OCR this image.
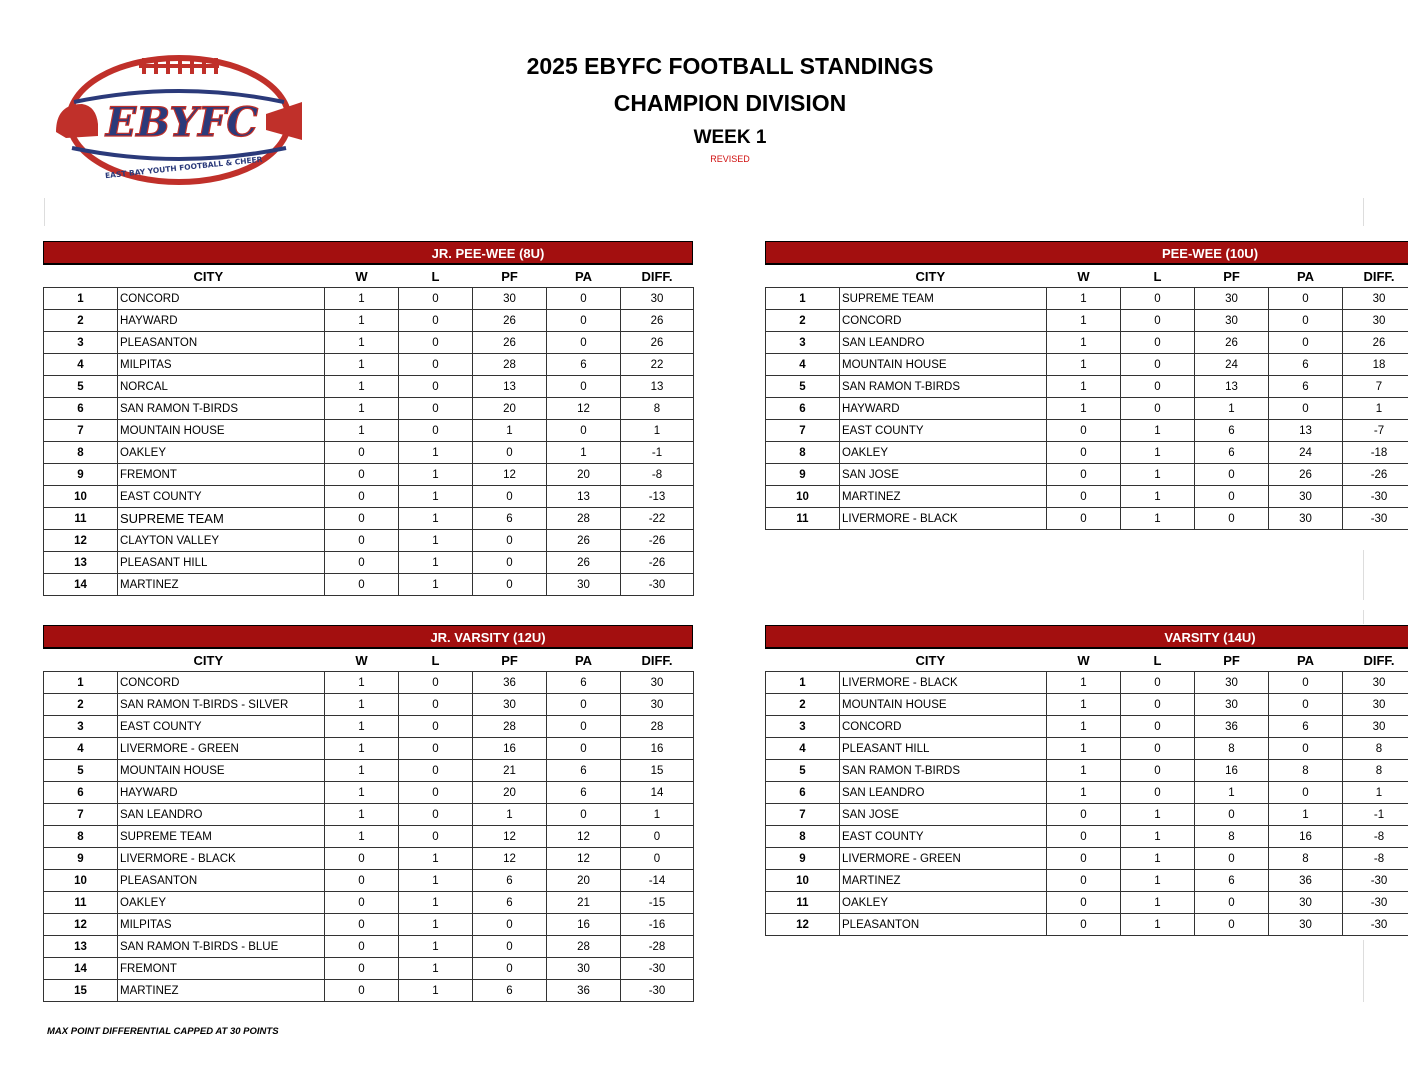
EBYFC
EAST BAY YOUTH FOOTBALL & CHEER
2025 EBYFC FOOTBALL STANDINGS
CHAMPION DIVISION
WEEK 1
REVISED
JR. PEE-WEE (8U)
	CITY	W	L	PF	PA	DIFF.
1	CONCORD	1	0	30	0	30
2	HAYWARD	1	0	26	0	26
3	PLEASANTON	1	0	26	0	26
4	MILPITAS	1	0	28	6	22
5	NORCAL	1	0	13	0	13
6	SAN RAMON T-BIRDS	1	0	20	12	8
7	MOUNTAIN HOUSE	1	0	1	0	1
8	OAKLEY	0	1	0	1	-1
9	FREMONT	0	1	12	20	-8
10	EAST COUNTY	0	1	0	13	-13
11	SUPREME TEAM	0	1	6	28	-22
12	CLAYTON VALLEY	0	1	0	26	-26
13	PLEASANT HILL	0	1	0	26	-26
14	MARTINEZ	0	1	0	30	-30
PEE-WEE (10U)
	CITY	W	L	PF	PA	DIFF.
1	SUPREME TEAM	1	0	30	0	30
2	CONCORD	1	0	30	0	30
3	SAN LEANDRO	1	0	26	0	26
4	MOUNTAIN HOUSE	1	0	24	6	18
5	SAN RAMON T-BIRDS	1	0	13	6	7
6	HAYWARD	1	0	1	0	1
7	EAST COUNTY	0	1	6	13	-7
8	OAKLEY	0	1	6	24	-18
9	SAN JOSE	0	1	0	26	-26
10	MARTINEZ	0	1	0	30	-30
11	LIVERMORE - BLACK	0	1	0	30	-30
JR. VARSITY (12U)
	CITY	W	L	PF	PA	DIFF.
1	CONCORD	1	0	36	6	30
2	SAN RAMON T-BIRDS - SILVER	1	0	30	0	30
3	EAST COUNTY	1	0	28	0	28
4	LIVERMORE - GREEN	1	0	16	0	16
5	MOUNTAIN HOUSE	1	0	21	6	15
6	HAYWARD	1	0	20	6	14
7	SAN LEANDRO	1	0	1	0	1
8	SUPREME TEAM	1	0	12	12	0
9	LIVERMORE - BLACK	0	1	12	12	0
10	PLEASANTON	0	1	6	20	-14
11	OAKLEY	0	1	6	21	-15
12	MILPITAS	0	1	0	16	-16
13	SAN RAMON T-BIRDS - BLUE	0	1	0	28	-28
14	FREMONT	0	1	0	30	-30
15	MARTINEZ	0	1	6	36	-30
VARSITY (14U)
	CITY	W	L	PF	PA	DIFF.
1	LIVERMORE - BLACK	1	0	30	0	30
2	MOUNTAIN HOUSE	1	0	30	0	30
3	CONCORD	1	0	36	6	30
4	PLEASANT HILL	1	0	8	0	8
5	SAN RAMON T-BIRDS	1	0	16	8	8
6	SAN LEANDRO	1	0	1	0	1
7	SAN JOSE	0	1	0	1	-1
8	EAST COUNTY	0	1	8	16	-8
9	LIVERMORE - GREEN	0	1	0	8	-8
10	MARTINEZ	0	1	6	36	-30
11	OAKLEY	0	1	0	30	-30
12	PLEASANTON	0	1	0	30	-30
MAX POINT DIFFERENTIAL CAPPED AT 30 POINTS
